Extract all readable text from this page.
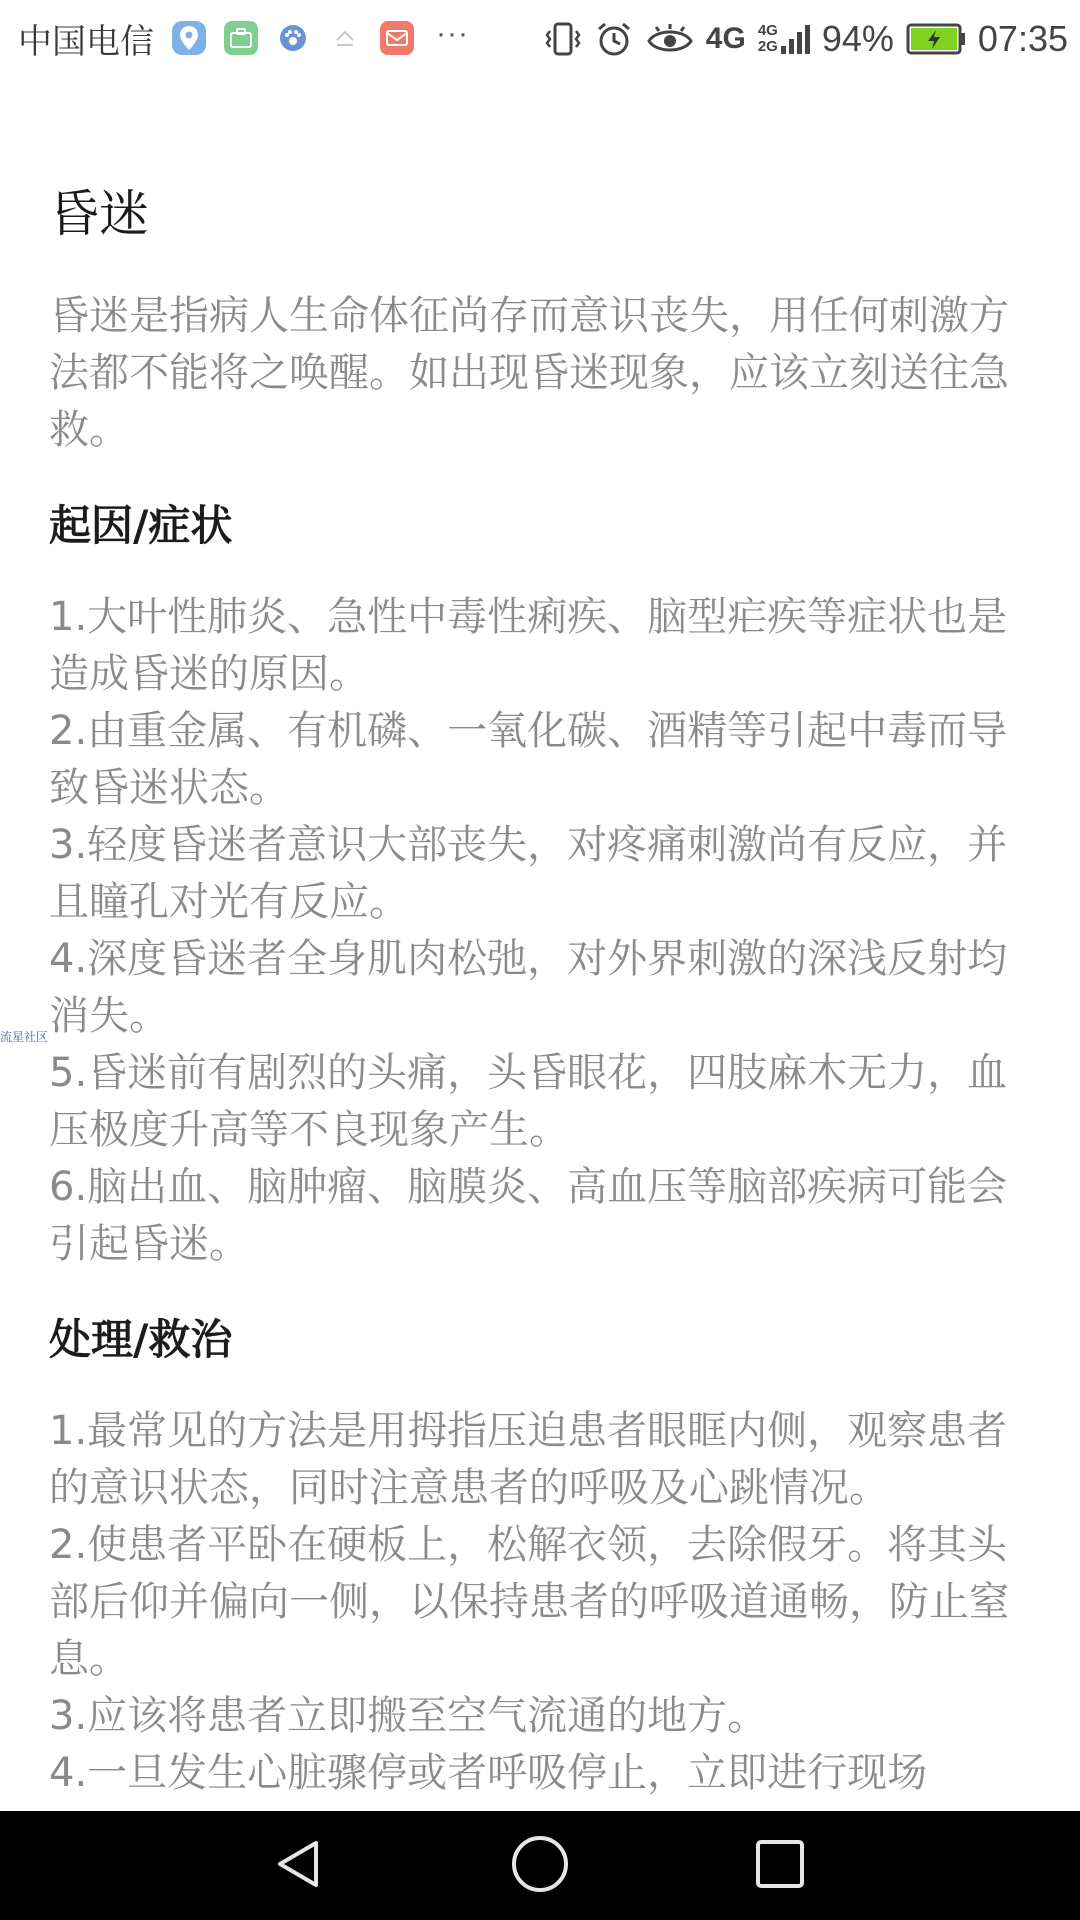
中国电信	···	4G 4G
2G 94% 07:35
昏迷

昏迷是指病人生命体征尚存而意识丧失，用任何刺激方法都不能将之唤醒。如出现昏迷现象，应该立刻送往急救。

起因/症状

1.大叶性肺炎、急性中毒性痢疾、脑型疟疾等症状也是造成昏迷的原因。

2.由重金属、有机磷、一氧化碳、酒精等引起中毒而导致昏迷状态。

3.轻度昏迷者意识大部丧失，对疼痛刺激尚有反应，并且瞳孔对光有反应。

4.深度昏迷者全身肌肉松弛，对外界刺激的深浅反射均消失。

5.昏迷前有剧烈的头痛，头昏眼花，四肢麻木无力，血压极度升高等不良现象产生。

6.脑出血、脑肿瘤、脑膜炎、高血压等脑部疾病可能会引起昏迷。

处理/救治

1.最常见的方法是用拇指压迫患者眼眶内侧，观察患者的意识状态，同时注意患者的呼吸及心跳情况。

2.使患者平卧在硬板上，松解衣领，去除假牙。将其头部后仰并偏向一侧，以保持患者的呼吸道通畅，防止窒息。

3.应该将患者立即搬至空气流通的地方。

4.一旦发生心脏骤停或者呼吸停止，立即进行现场

流星社区
